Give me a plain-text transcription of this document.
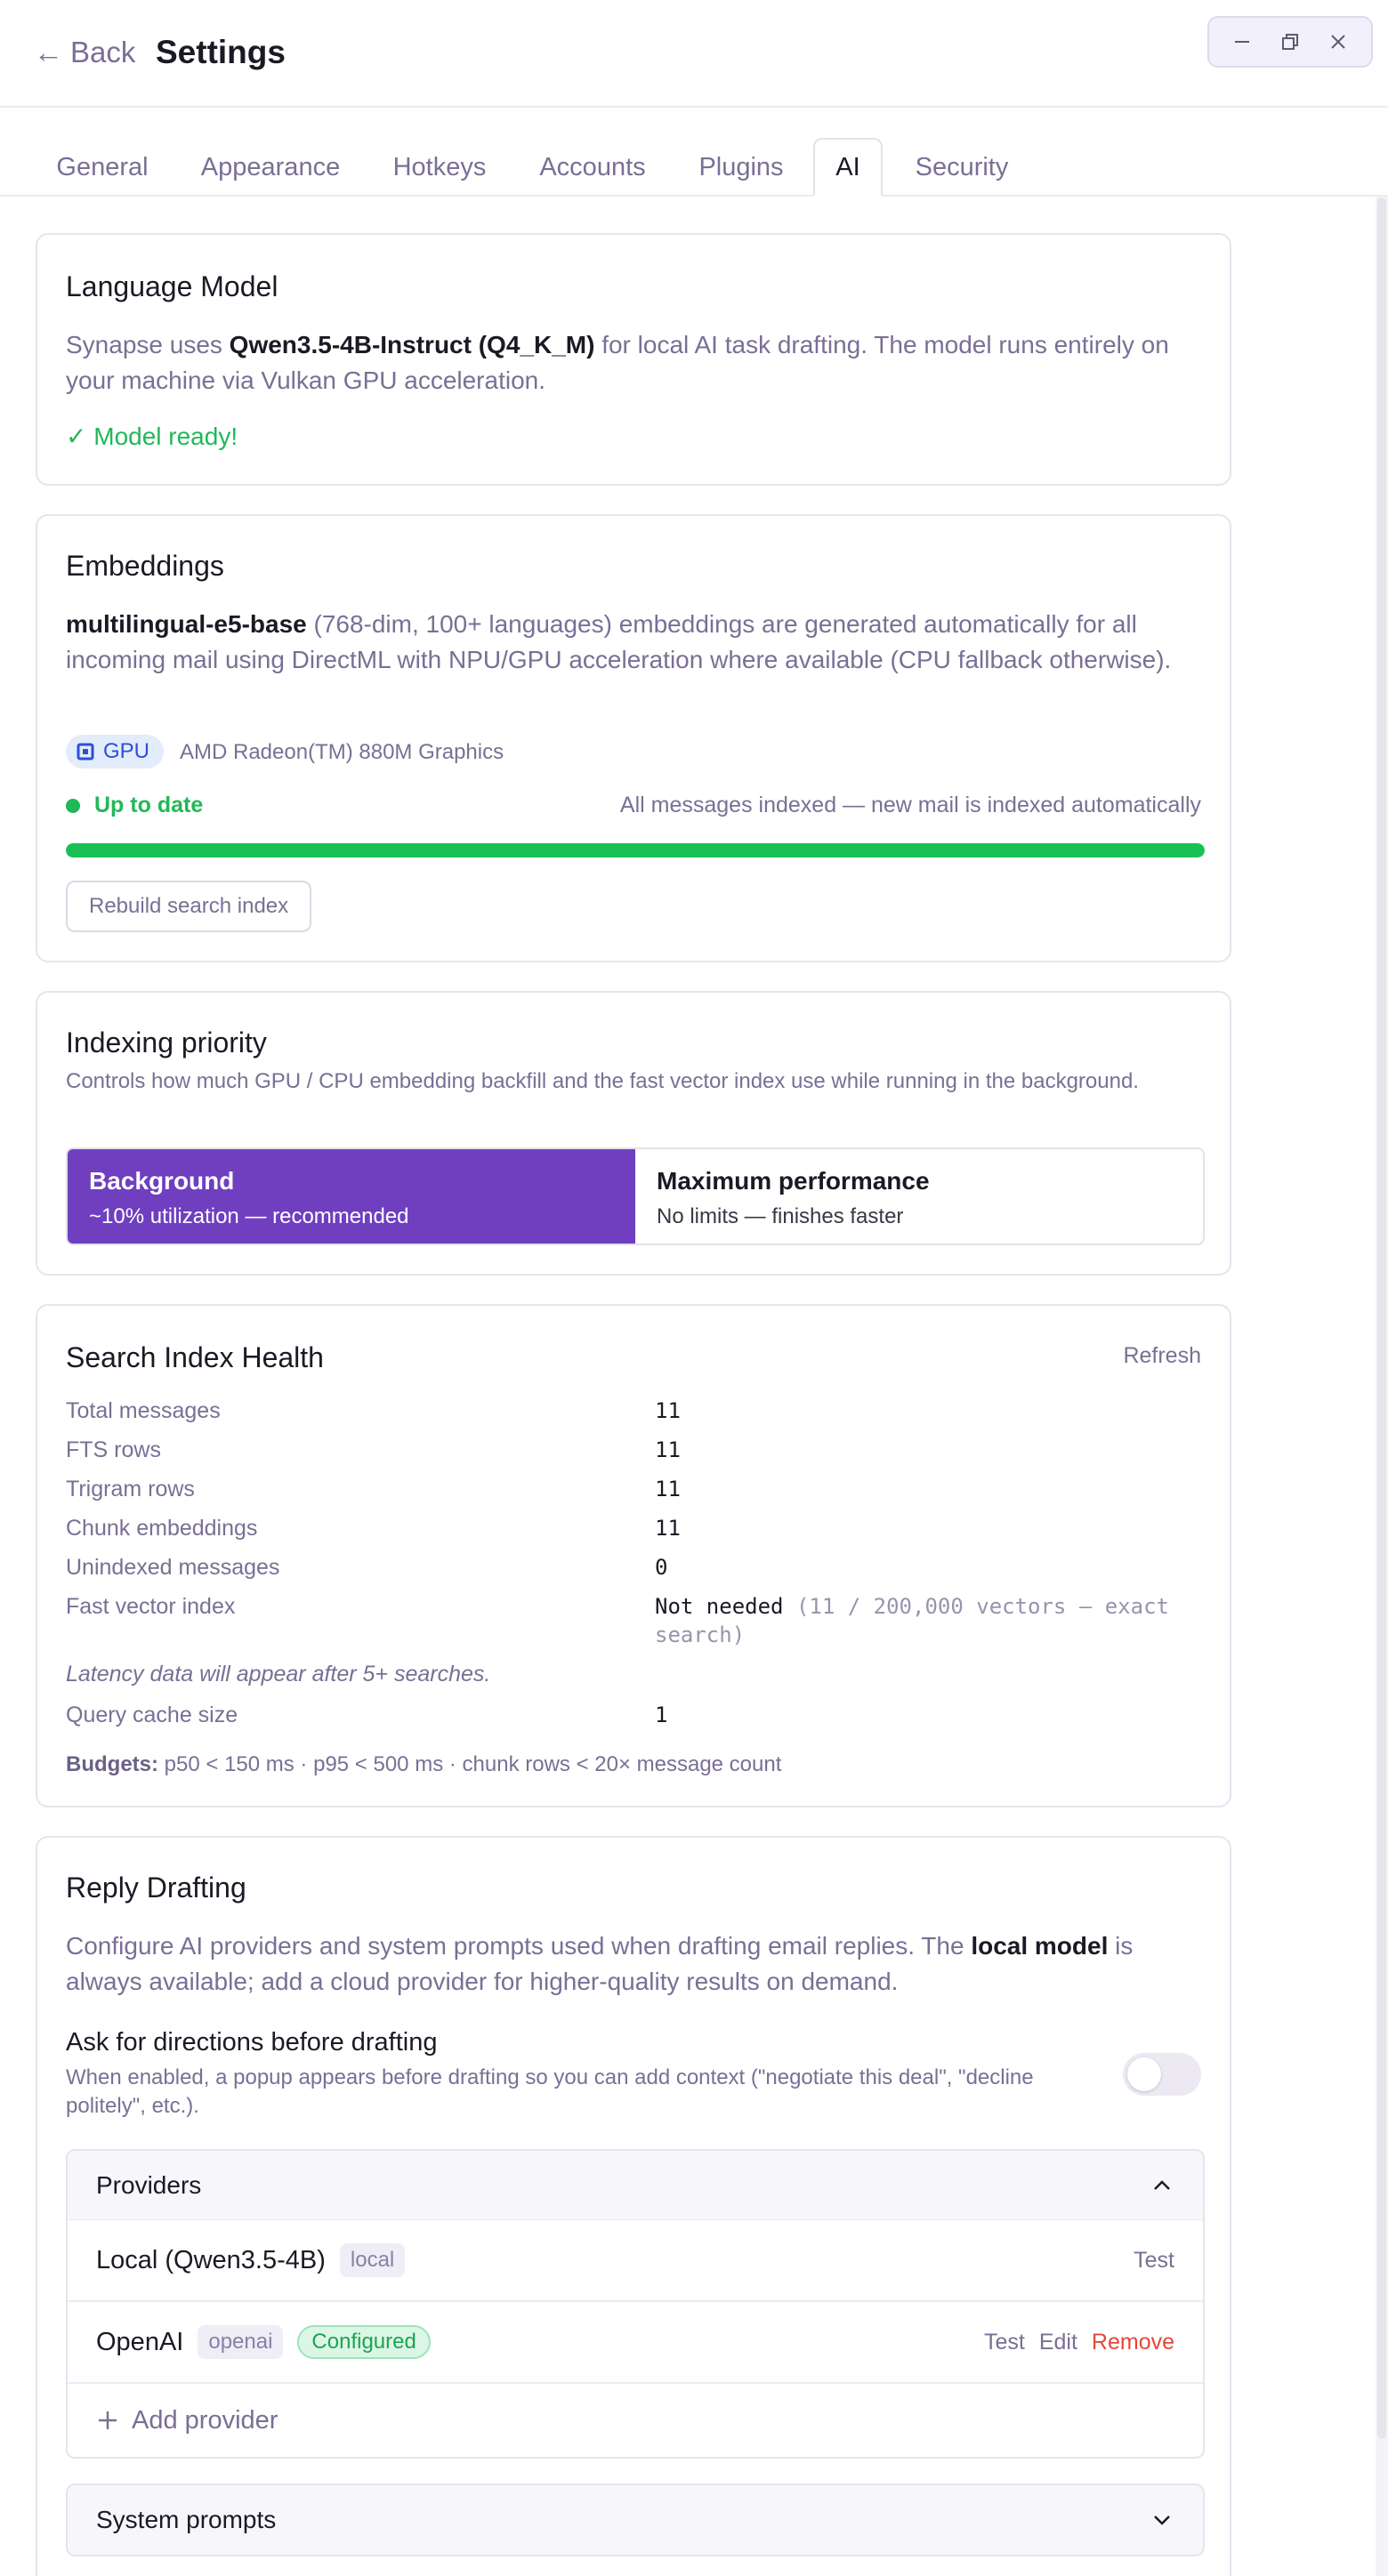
← Back Settings
General	Appearance	Hotkeys	Accounts	Plugins	AI	Security
Language Model
Synapse uses Qwen3.5-4B-Instruct (Q4_K_M) for local AI task drafting. The model runs entirely on your machine via Vulkan GPU acceleration.
✓ Model ready!
Embeddings
multilingual-e5-base (768-dim, 100+ languages) embeddings are generated automatically for all incoming mail using DirectML with NPU/GPU acceleration where available (CPU fallback otherwise).
GPU AMD Radeon(TM) 880M Graphics
Up to date	All messages indexed — new mail is indexed automatically
Rebuild search index
Indexing priority
Controls how much GPU / CPU embedding backfill and the fast vector index use while running in the background.
Background
~10% utilization — recommended
Maximum performance
No limits — finishes faster
Search Index Health	Refresh
Total messages	11
FTS rows	11
Trigram rows	11
Chunk embeddings	11
Unindexed messages	0
Fast vector index	Not needed (11 / 200,000 vectors — exact search)
Latency data will appear after 5+ searches.
Query cache size	1
Budgets: p50 < 150 ms · p95 < 500 ms · chunk rows < 20× message count
Reply Drafting
Configure AI providers and system prompts used when drafting email replies. The local model is always available; add a cloud provider for higher-quality results on demand.
Ask for directions before drafting
When enabled, a popup appears before drafting so you can add context ("negotiate this deal", "decline politely", etc.).
Providers
Local (Qwen3.5-4B)	local	Test
OpenAI	openai	Configured	Test Edit Remove
Add provider
System prompts
